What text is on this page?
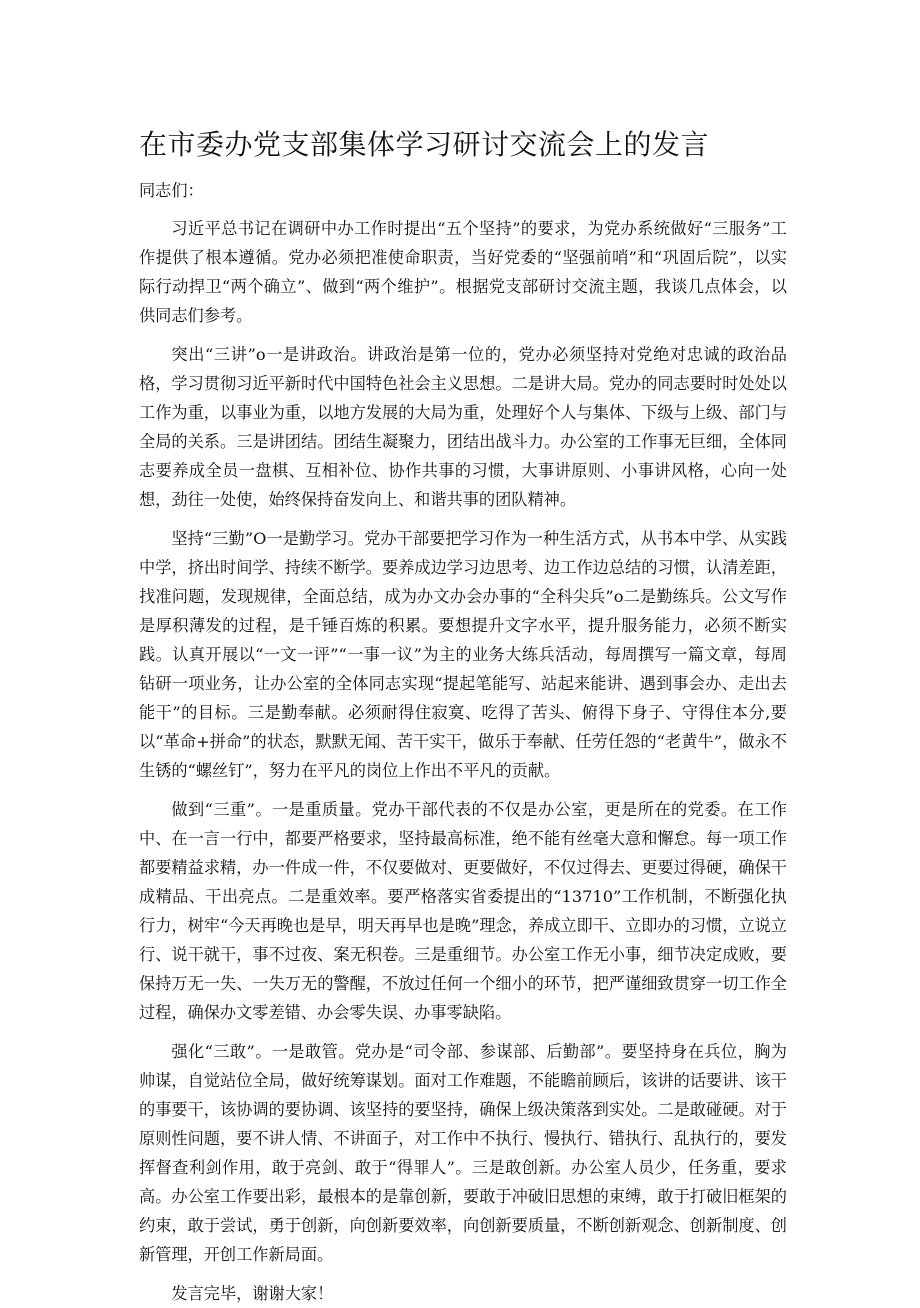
在市委办党支部集体学习研讨交流会上的发言

同志们：

习近平总书记在调研中办工作时提出“五个坚持”的要求，为党办系统做好“三服务”工作提供了根本遵循。党办必须把准使命职责，当好党委的“坚强前哨”和“巩固后院”，以实际行动捍卫“两个确立”、做到“两个维护”。根据党支部研讨交流主题，我谈几点体会，以供同志们参考。

突出“三讲”o一是讲政治。讲政治是第一位的，党办必须坚持对党绝对忠诚的政治品格，学习贯彻习近平新时代中国特色社会主义思想。二是讲大局。党办的同志要时时处处以工作为重，以事业为重，以地方发展的大局为重，处理好个人与集体、下级与上级、部门与全局的关系。三是讲团结。团结生凝聚力，团结出战斗力。办公室的工作事无巨细，全体同志要养成全员一盘棋、互相补位、协作共事的习惯，大事讲原则、小事讲风格，心向一处想，劲往一处使，始终保持奋发向上、和谐共事的团队精神。

坚持“三勤”O一是勤学习。党办干部要把学习作为一种生活方式，从书本中学、从实践中学，挤出时间学、持续不断学。要养成边学习边思考、边工作边总结的习惯，认清差距，找准问题，发现规律，全面总结，成为办文办会办事的“全科尖兵”o二是勤练兵。公文写作是厚积薄发的过程，是千锤百炼的积累。要想提升文字水平，提升服务能力，必须不断实践。认真开展以“一文一评”“一事一议”为主的业务大练兵活动，每周撰写一篇文章，每周钻研一项业务，让办公室的全体同志实现“提起笔能写、站起来能讲、遇到事会办、走出去能干”的目标。三是勤奉献。必须耐得住寂寞、吃得了苦头、俯得下身子、守得住本分,要以“革命+拼命”的状态，默默无闻、苦干实干，做乐于奉献、任劳任怨的“老黄牛”，做永不生锈的“螺丝钉”，努力在平凡的岗位上作出不平凡的贡献。

做到“三重”。一是重质量。党办干部代表的不仅是办公室，更是所在的党委。在工作中、在一言一行中，都要严格要求，坚持最高标准，绝不能有丝毫大意和懈怠。每一项工作都要精益求精，办一件成一件，不仅要做对、更要做好，不仅过得去、更要过得硬，确保干成精品、干出亮点。二是重效率。要严格落实省委提出的“13710”工作机制，不断强化执行力，树牢“今天再晚也是早，明天再早也是晚”理念，养成立即干、立即办的习惯，立说立行、说干就干，事不过夜、案无积卷。三是重细节。办公室工作无小事，细节决定成败，要保持万无一失、一失万无的警醒，不放过任何一个细小的环节，把严谨细致贯穿一切工作全过程，确保办文零差错、办会零失误、办事零缺陷。

强化“三敢”。一是敢管。党办是“司令部、参谋部、后勤部”。要坚持身在兵位，胸为帅谋，自觉站位全局，做好统筹谋划。面对工作难题，不能瞻前顾后，该讲的话要讲、该干的事要干，该协调的要协调、该坚持的要坚持，确保上级决策落到实处。二是敢碰硬。对于原则性问题，要不讲人情、不讲面子，对工作中不执行、慢执行、错执行、乱执行的，要发挥督查利剑作用，敢于亮剑、敢于“得罪人”。三是敢创新。办公室人员少，任务重，要求高。办公室工作要出彩，最根本的是靠创新，要敢于冲破旧思想的束缚，敢于打破旧框架的约束，敢于尝试，勇于创新，向创新要效率，向创新要质量，不断创新观念、创新制度、创新管理，开创工作新局面。

发言完毕，谢谢大家！
